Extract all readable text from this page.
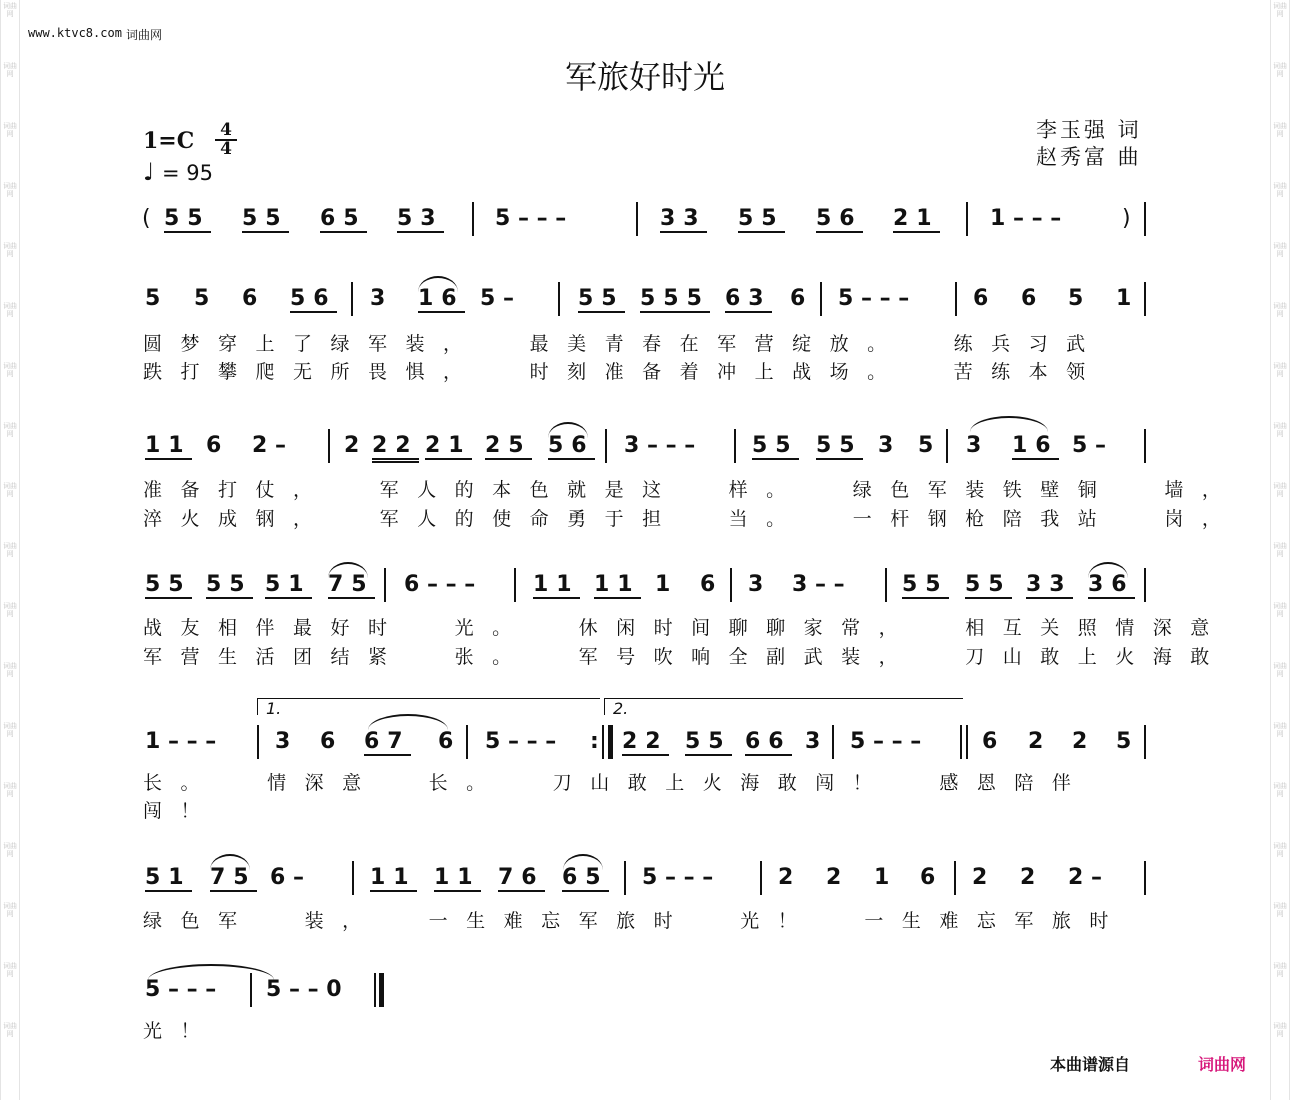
词曲网
词曲网
词曲网
词曲网
词曲网
词曲网
词曲网
词曲网
词曲网
词曲网
词曲网
词曲网
词曲网
词曲网
词曲网
词曲网
词曲网
词曲网
词曲网
词曲网
词曲网
词曲网
词曲网
词曲网
词曲网
词曲网
词曲网
词曲网
词曲网
词曲网
词曲网
词曲网
词曲网
词曲网
词曲网
词曲网
www.ktvc8.com 词曲网
军旅好时光
$1=C \frac{4}{4}$
♩ = 95
李玉强 词
赵秀富 曲
( 55 55 65 53 5 – – –	33 55 56 21 1 – – –	)
5 5 6 56 3 16 5 –	55 555 63 6 5 – – –	6 6 5 1
圆梦穿上了绿军装，  最美青春在军营绽放。  练兵习武
跌打攀爬无所畏惧，  时刻准备着冲上战场。  苦练本领
11 6 2 –	2 22 21 25 56 3 – – –	55 55 3 5 3 16 5 –
准备打仗，  军人的本色就是这  样。  绿色军装铁壁铜  墙，
淬火成钢，  军人的使命勇于担  当。  一杆钢枪陪我站  岗，
55 55 51 75 6 – – –	11 11 1 6 3 3 – –	55 55 33 36
战友相伴最好时  光。  休闲时间聊聊家常，  相互关照情深意
军营生活团结紧  张。  军号吹响全副武装，  刀山敢上火海敢
1.	2.
1 – – –	3 6 67 6 5 – – – : 22 55 66 3 5 – – –	6 2 2 5
长。  情深意  长。  刀山敢上火海敢闯！  感恩陪伴
闯！
51 75 6 –	11 11 76 65 5 – – –	2 2 1 6 2 2 2 –
绿色军  装，  一生难忘军旅时  光！  一生难忘军旅时
5 – – – 5 – – 0
光！
本曲谱源自	词曲网
